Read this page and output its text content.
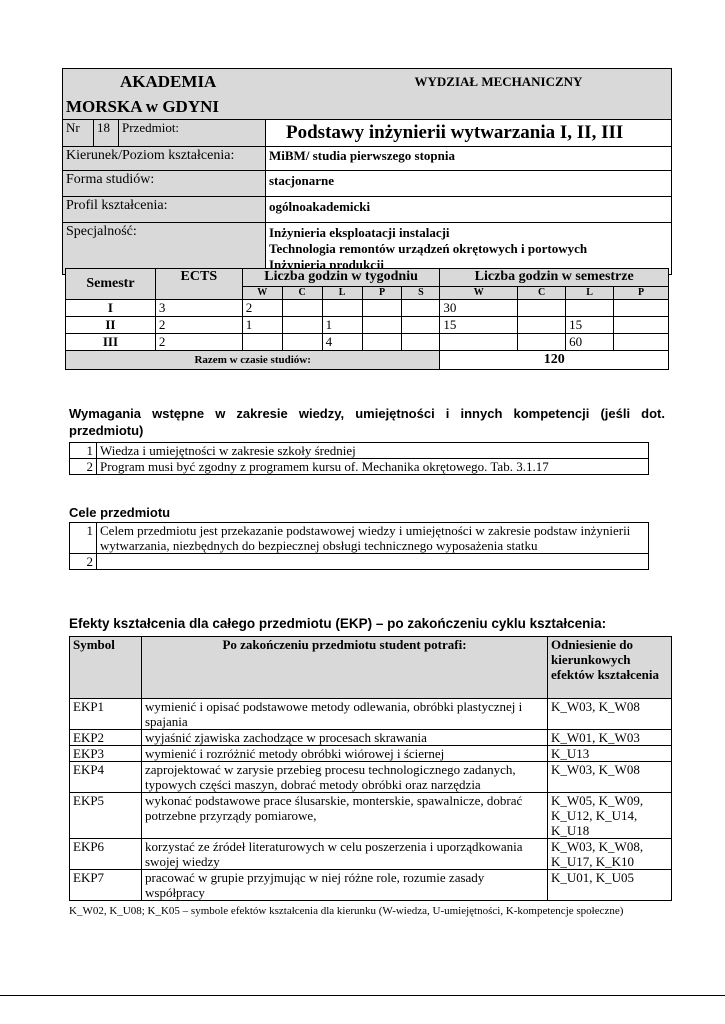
AKADEMIA MORSKA w GDYNI			WYDZIAŁ MECHANICZNY
Nr	18	Przedmiot:	Podstawy inżynierii wytwarzania I, II, III
Kierunek/Poziom kształcenia:			MiBM/ studia pierwszego stopnia
Forma studiów:			stacjonarne
Profil kształcenia:			ogólnoakademicki
Specjalność:			Inżynieria eksploatacji instalacji
Technologia remontów urządzeń okrętowych i portowych
Inżynieria produkcji
Semestr	ECTS	Liczba godzin w tygodniu					Liczba godzin w semestrze			
		W	C	L	P	S	W	C	L	P
I	3	2					30			
II	2	1		1			15		15	
III	2			4					60	
Razem w czasie studiów:							120			
Wymagania wstępne w zakresie wiedzy, umiejętności i innych kompetencji (jeśli dot. przedmiotu)
1	Wiedza i umiejętności w zakresie szkoły średniej
2	Program musi być zgodny z programem kursu of. Mechanika okrętowego. Tab. 3.1.17
Cele przedmiotu
1	Celem przedmiotu jest przekazanie podstawowej wiedzy i umiejętności w zakresie podstaw inżynierii wytwarzania, niezbędnych do bezpiecznej obsługi technicznego wyposażenia statku
2	
Efekty kształcenia dla całego przedmiotu (EKP) – po zakończeniu cyklu kształcenia:
Symbol	Po zakończeniu przedmiotu student potrafi:	Odniesienie do kierunkowych efektów kształcenia
EKP1	wymienić i opisać podstawowe metody odlewania, obróbki plastycznej i spajania	K_W03, K_W08
EKP2	wyjaśnić zjawiska zachodzące w procesach skrawania	K_W01, K_W03
EKP3	wymienić i rozróżnić metody obróbki wiórowej i ściernej	K_U13
EKP4	zaprojektować w zarysie przebieg procesu technologicznego zadanych, typowych części maszyn, dobrać metody obróbki oraz narzędzia	K_W03, K_W08
EKP5	wykonać podstawowe prace ślusarskie, monterskie, spawalnicze, dobrać potrzebne przyrządy pomiarowe,	K_W05, K_W09, K_U12, K_U14, K_U18
EKP6	korzystać ze źródeł literaturowych w celu poszerzenia i uporządkowania swojej wiedzy	K_W03, K_W08, K_U17, K_K10
EKP7	pracować w grupie przyjmując w niej różne role, rozumie zasady współpracy	K_U01, K_U05
K_W02, K_U08; K_K05 – symbole efektów kształcenia dla kierunku (W-wiedza, U-umiejętności, K-kompetencje społeczne)
